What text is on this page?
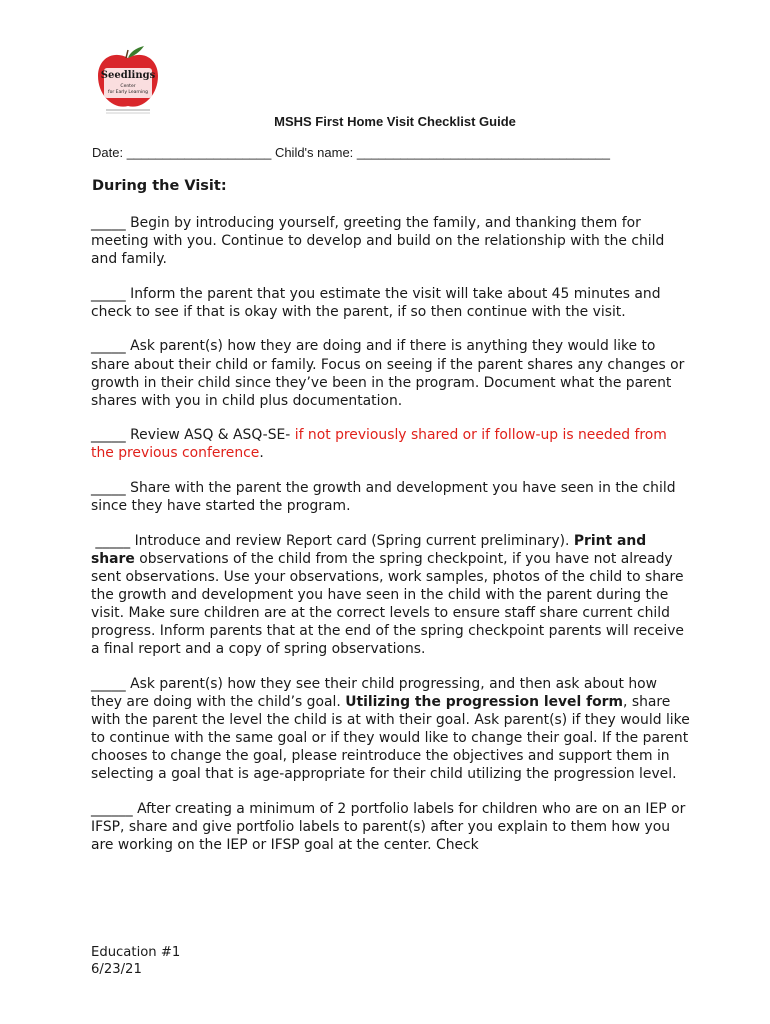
Seedlings
Center
for Early Learning
MSHS First Home Visit Checklist Guide
Date: ____________________ Child's name: ___________________________________
During the Visit:

_____ Begin by introducing yourself, greeting the family, and thanking them for meeting with you. Continue to develop and build on the relationship with the child and family.

_____ Inform the parent that you estimate the visit will take about 45 minutes and check to see if that is okay with the parent, if so then continue with the visit.

_____ Ask parent(s) how they are doing and if there is anything they would like to share about their child or family. Focus on seeing if the parent shares any changes or growth in their child since they’ve been in the program. Document what the parent shares with you in child plus documentation.

_____ Review ASQ & ASQ-SE- if not previously shared or if follow-up is needed from the previous conference.

_____ Share with the parent the growth and development you have seen in the child since they have started the program.

_____ Introduce and review Report card (Spring current preliminary). Print and share observations of the child from the spring checkpoint, if you have not already sent observations. Use your observations, work samples, photos of the child to share the growth and development you have seen in the child with the parent during the visit. Make sure children are at the correct levels to ensure staff share current child progress. Inform parents that at the end of the spring checkpoint parents will receive a final report and a copy of spring observations.

_____ Ask parent(s) how they see their child progressing, and then ask about how they are doing with the child’s goal. Utilizing the progression level form, share with the parent the level the child is at with their goal. Ask parent(s) if they would like to continue with the same goal or if they would like to change their goal. If the parent chooses to change the goal, please reintroduce the objectives and support them in selecting a goal that is age-appropriate for their child utilizing the progression level.

______ After creating a minimum of 2 portfolio labels for children who are on an IEP or IFSP, share and give portfolio labels to parent(s) after you explain to them how you are working on the IEP or IFSP goal at the center. Check

Education #1
6/23/21
